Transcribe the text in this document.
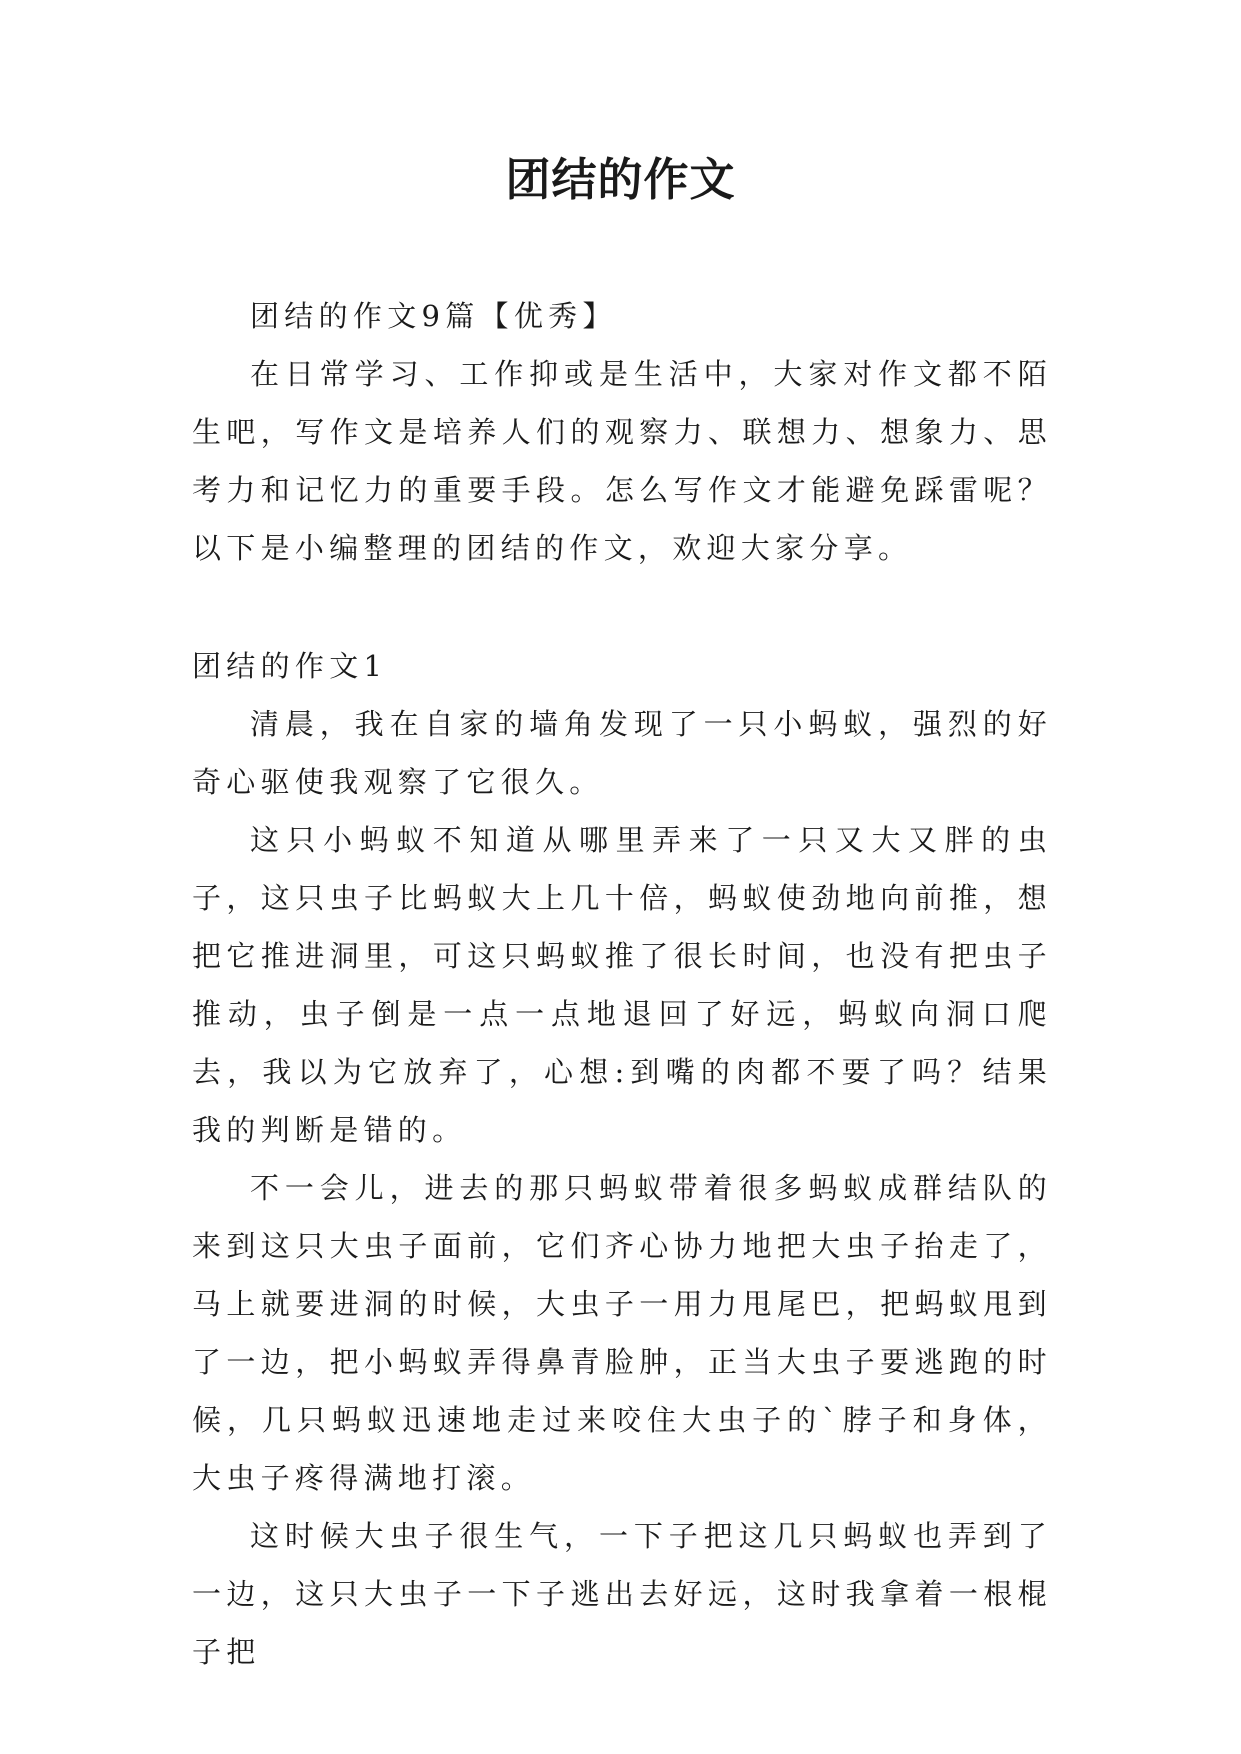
团结的作文

团结的作文9篇【优秀】

在日常学习、工作抑或是生活中，大家对作文都不陌生吧，写作文是培养人们的观察力、联想力、想象力、思考力和记忆力的重要手段。怎么写作文才能避免踩雷呢？以下是小编整理的团结的作文，欢迎大家分享。

团结的作文1

清晨，我在自家的墙角发现了一只小蚂蚁，强烈的好奇心驱使我观察了它很久。

这只小蚂蚁不知道从哪里弄来了一只又大又胖的虫子，这只虫子比蚂蚁大上几十倍，蚂蚁使劲地向前推，想把它推进洞里，可这只蚂蚁推了很长时间，也没有把虫子推动，虫子倒是一点一点地退回了好远，蚂蚁向洞口爬去，我以为它放弃了，心想:到嘴的肉都不要了吗？结果我的判断是错的。

不一会儿，进去的那只蚂蚁带着很多蚂蚁成群结队的来到这只大虫子面前，它们齐心协力地把大虫子抬走了，马上就要进洞的时候，大虫子一用力甩尾巴，把蚂蚁甩到了一边，把小蚂蚁弄得鼻青脸肿，正当大虫子要逃跑的时候，几只蚂蚁迅速地走过来咬住大虫子的`脖子和身体，大虫子疼得满地打滚。

这时候大虫子很生气，一下子把这几只蚂蚁也弄到了一边，这只大虫子一下子逃出去好远，这时我拿着一根棍子把
